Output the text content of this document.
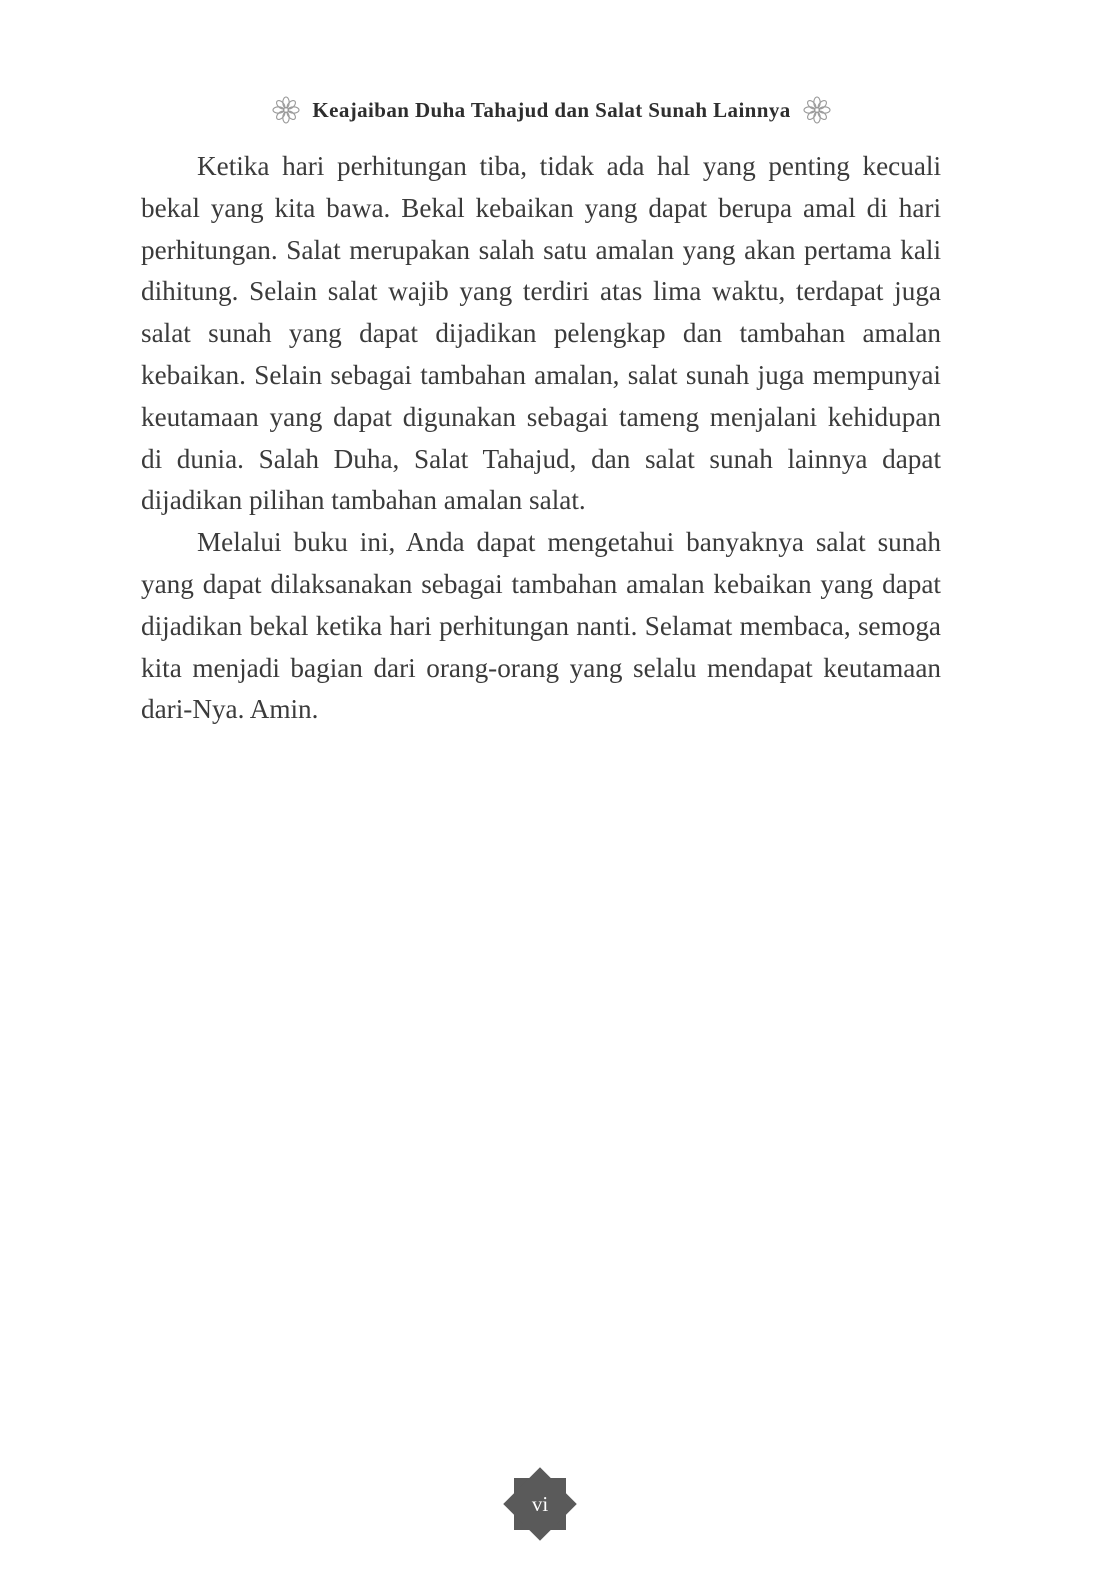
Keajaiban Duha Tahajud dan Salat Sunah Lainnya

Ketika hari perhitungan tiba, tidak ada hal yang penting kecuali bekal yang kita bawa. Bekal kebaikan yang dapat berupa amal di hari perhitungan. Salat merupakan salah satu amalan yang akan pertama kali dihitung. Selain salat wajib yang terdiri atas lima waktu, terdapat juga salat sunah yang dapat dijadikan pelengkap dan tambahan amalan kebaikan. Selain sebagai tambahan amalan, salat sunah juga mempunyai keutamaan yang dapat digunakan sebagai tameng menjalani kehidupan di dunia. Salah Duha, Salat Tahajud, dan salat sunah lainnya dapat dijadikan pilihan tambahan amalan salat.

Melalui buku ini, Anda dapat mengetahui banyaknya salat sunah yang dapat dilaksanakan sebagai tambahan amalan kebaikan yang dapat dijadikan bekal ketika hari perhitungan nanti. Selamat membaca, semoga kita menjadi bagian dari orang-orang yang selalu mendapat keutamaan dari-Nya. Amin.

vi
